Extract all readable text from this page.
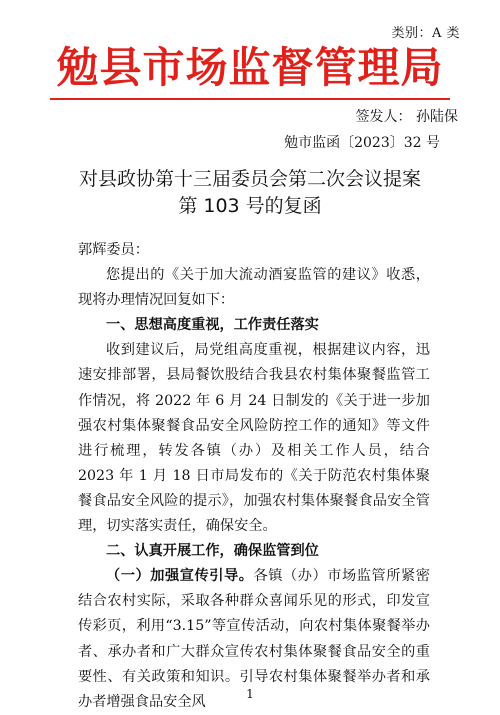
类别：A 类
勉县市场监督管理局
签发人： 孙陆保
勉市监函〔2023〕32 号
对县政协第十三届委员会第二次会议提案
第 103 号的复函

郭辉委员：

您提出的《关于加大流动酒宴监管的建议》收悉，现将办理情况回复如下：

一、思想高度重视，工作责任落实

收到建议后，局党组高度重视，根据建议内容，迅速安排部署，县局餐饮股结合我县农村集体聚餐监管工作情况，将 2022 年 6 月 24 日制发的《关于进一步加强农村集体聚餐食品安全风险防控工作的通知》等文件进行梳理，转发各镇（办）及相关工作人员，结合 2023 年 1 月 18 日市局发布的《关于防范农村集体聚餐食品安全风险的提示》，加强农村集体聚餐食品安全管理，切实落实责任，确保安全。

二、认真开展工作，确保监管到位

（一）加强宣传引导。各镇（办）市场监管所紧密结合农村实际，采取各种群众喜闻乐见的形式，印发宣传彩页，利用“3.15”等宣传活动，向农村集体聚餐举办者、承办者和广大群众宣传农村集体聚餐食品安全的重要性、有关政策和知识。引导农村集体聚餐举办者和承办者增强食品安全风	1
